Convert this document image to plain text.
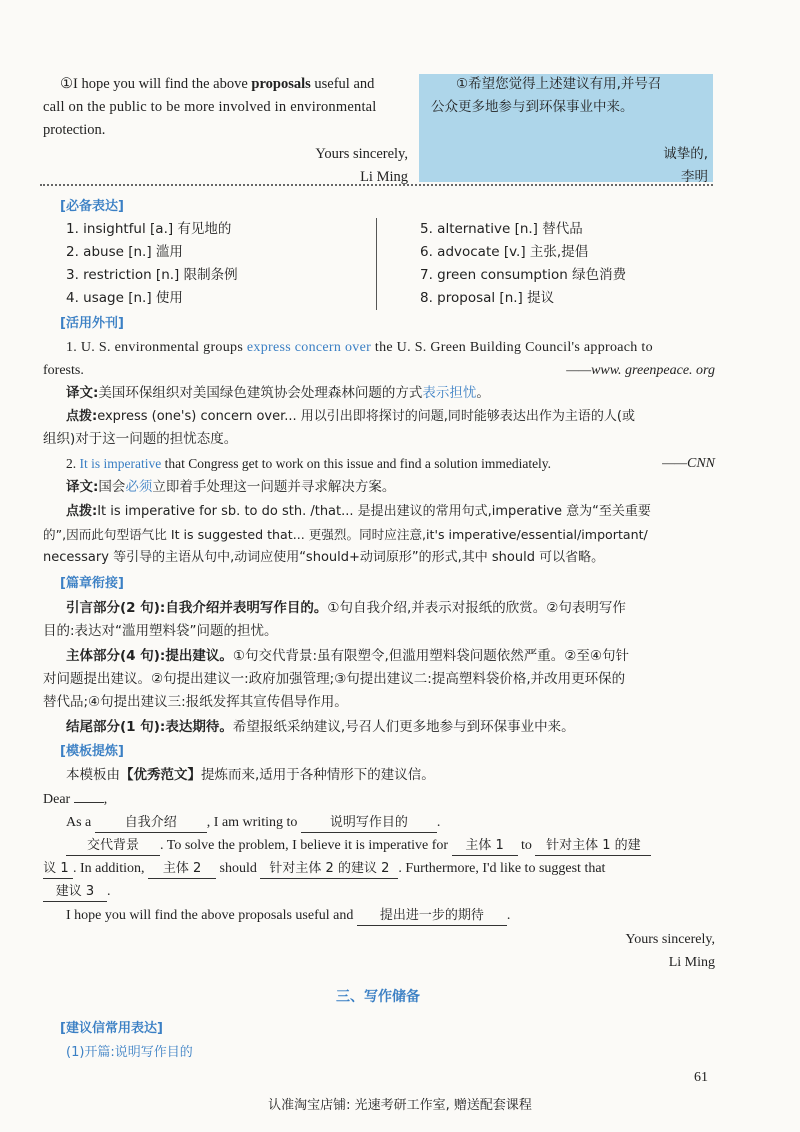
①I hope you will find the above proposals useful and
call on the public to be more involved in environmental
protection.
Yours sincerely,
Li Ming
①希望您觉得上述建议有用,并号召
公众更多地参与到环保事业中来。
诚挚的,
李明
[必备表达]
1. insightful [a.] 有见地的
2. abuse [n.] 滥用
3. restriction [n.] 限制条例
4. usage [n.] 使用
5. alternative [n.] 替代品
6. advocate [v.] 主张,提倡
7. green consumption 绿色消费
8. proposal [n.] 提议
[活用外刊]
1. U. S. environmental groups express concern over the U. S. Green Building Council's approach to
forests.	——www. greenpeace. org
译文:美国环保组织对美国绿色建筑协会处理森林问题的方式表示担忧。
点拨:express (one's) concern over... 用以引出即将探讨的问题,同时能够表达出作为主语的人(或
组织)对于这一问题的担忧态度。
2. It is imperative that Congress get to work on this issue and find a solution immediately.	——CNN
译文:国会必须立即着手处理这一问题并寻求解决方案。
点拨:It is imperative for sb. to do sth. /that... 是提出建议的常用句式,imperative 意为“至关重要
的”,因而此句型语气比 It is suggested that... 更强烈。同时应注意,it's imperative/essential/important/
necessary 等引导的主语从句中,动词应使用“should+动词原形”的形式,其中 should 可以省略。
[篇章衔接]
引言部分(2 句):自我介绍并表明写作目的。①句自我介绍,并表示对报纸的欣赏。②句表明写作
目的:表达对“滥用塑料袋”问题的担忧。
主体部分(4 句):提出建议。①句交代背景:虽有限塑令,但滥用塑料袋问题依然严重。②至④句针
对问题提出建议。②句提出建议一:政府加强管理;③句提出建议二:提高塑料袋价格,并改用更环保的
替代品;④句提出建议三:报纸发挥其宣传倡导作用。
结尾部分(1 句):表达期待。希望报纸采纳建议,号召人们更多地参与到环保事业中来。
[模板提炼]
本模板由【优秀范文】提炼而来,适用于各种情形下的建议信。
Dear ,
As a	自我介绍 , I am writing to 说明写作目的 .
交代背景 . To solve the problem, I believe it is imperative for 主体 1 to 针对主体 1 的建
议 1 . In addition, 主体 2 should 针对主体 2 的建议 2 . Furthermore, I'd like to suggest that
建议 3 .
I hope you will find the above proposals useful and 提出进一步的期待 .
Yours sincerely,
Li Ming
三、写作储备
[建议信常用表达]
(1)开篇:说明写作目的
61
认准淘宝店铺: 光速考研工作室, 赠送配套课程
